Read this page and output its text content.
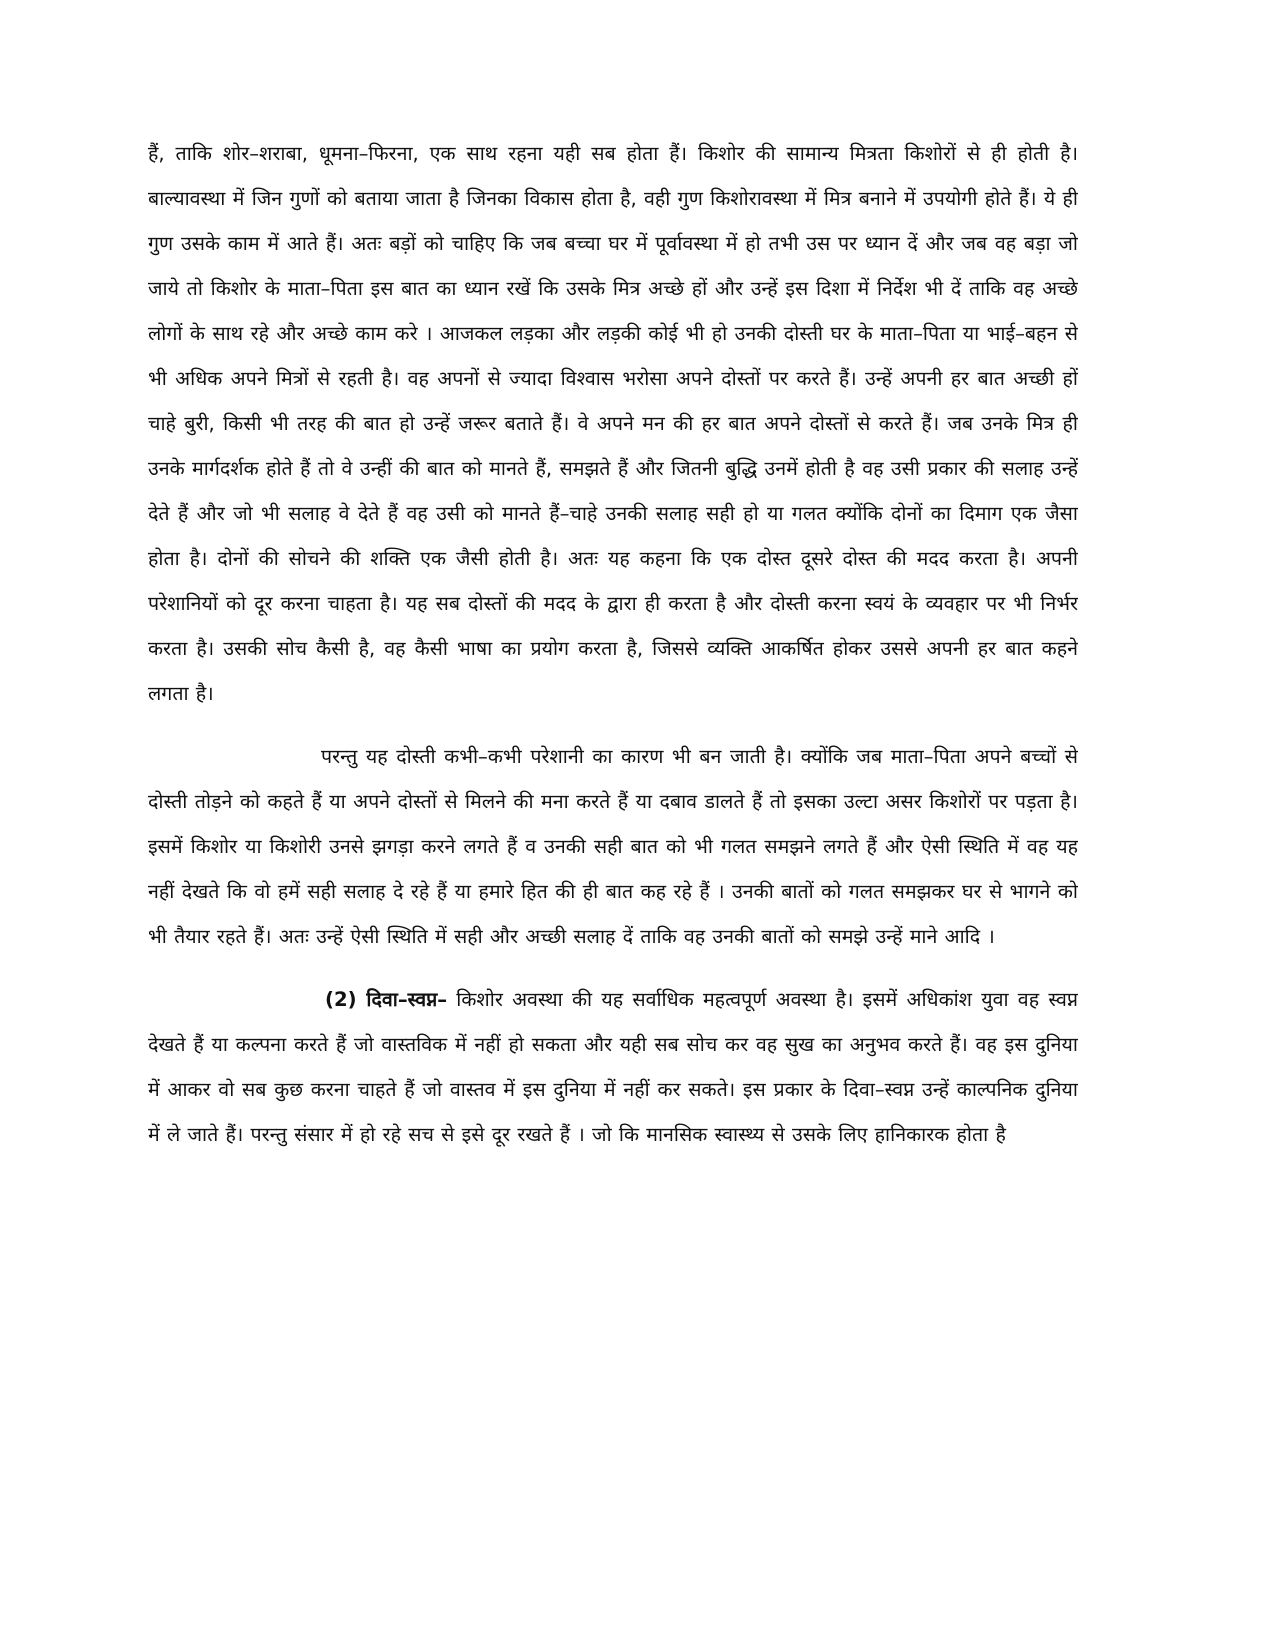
हैं, ताकि शोर–शराबा, धूमना–फिरना, एक साथ रहना यही सब होता हैं। किशोर की सामान्य मित्रता किशोरों से ही होती है। बाल्यावस्था में जिन गुणों को बताया जाता है जिनका विकास होता है, वही गुण किशोरावस्था में मित्र बनाने में उपयोगी होते हैं। ये ही गुण उसके काम में आते हैं। अतः बड़ों को चाहिए कि जब बच्चा घर में पूर्वावस्था में हो तभी उस पर ध्यान दें और जब वह बड़ा जो जाये तो किशोर के माता–पिता इस बात का ध्यान रखें कि उसके मित्र अच्छे हों और उन्हें इस दिशा में निर्देश भी दें ताकि वह अच्छे लोगों के साथ रहे और अच्छे काम करे । आजकल लड़का और लड़की कोई भी हो उनकी दोस्ती घर के माता–पिता या भाई–बहन से भी अधिक अपने मित्रों से रहती है। वह अपनों से ज्यादा विश्वास भरोसा अपने दोस्तों पर करते हैं। उन्हें अपनी हर बात अच्छी हों चाहे बुरी, किसी भी तरह की बात हो उन्हें जरूर बताते हैं। वे अपने मन की हर बात अपने दोस्तों से करते हैं। जब उनके मित्र ही उनके मार्गदर्शक होते हैं तो वे उन्हीं की बात को मानते हैं, समझते हैं और जितनी बुद्धि उनमें होती है वह उसी प्रकार की सलाह उन्हें देते हैं और जो भी सलाह वे देते हैं वह उसी को मानते हैं–चाहे उनकी सलाह सही हो या गलत क्योंकि दोनों का दिमाग एक जैसा होता है। दोनों की सोचने की शक्ति एक जैसी होती है। अतः यह कहना कि एक दोस्त दूसरे दोस्त की मदद करता है। अपनी परेशानियों को दूर करना चाहता है। यह सब दोस्तों की मदद के द्वारा ही करता है और दोस्ती करना स्वयं के व्यवहार पर भी निर्भर करता है। उसकी सोच कैसी है, वह कैसी भाषा का प्रयोग करता है, जिससे व्यक्ति आकर्षित होकर उससे अपनी हर बात कहने लगता है।

परन्तु यह दोस्ती कभी–कभी परेशानी का कारण भी बन जाती है। क्योंकि जब माता–पिता अपने बच्चों से दोस्ती तोड़ने को कहते हैं या अपने दोस्तों से मिलने की मना करते हैं या दबाव डालते हैं तो इसका उल्टा असर किशोरों पर पड़ता है। इसमें किशोर या किशोरी उनसे झगड़ा करने लगते हैं व उनकी सही बात को भी गलत समझने लगते हैं और ऐसी स्थिति में वह यह नहीं देखते कि वो हमें सही सलाह दे रहे हैं या हमारे हित की ही बात कह रहे हैं । उनकी बातों को गलत समझकर घर से भागने को भी तैयार रहते हैं। अतः उन्हें ऐसी स्थिति में सही और अच्छी सलाह दें ताकि वह उनकी बातों को समझे उन्हें माने आदि ।

(2) दिवा–स्वप्न– किशोर अवस्था की यह सर्वाधिक महत्वपूर्ण अवस्था है। इसमें अधिकांश युवा वह स्वप्न देखते हैं या कल्पना करते हैं जो वास्तविक में नहीं हो सकता और यही सब सोच कर वह सुख का अनुभव करते हैं। वह इस दुनिया में आकर वो सब कुछ करना चाहते हैं जो वास्तव में इस दुनिया में नहीं कर सकते। इस प्रकार के दिवा–स्वप्न उन्हें काल्पनिक दुनिया में ले जाते हैं। परन्तु संसार में हो रहे सच से इसे दूर रखते हैं । जो कि मानसिक स्वास्थ्य से उसके लिए हानिकारक होता है
